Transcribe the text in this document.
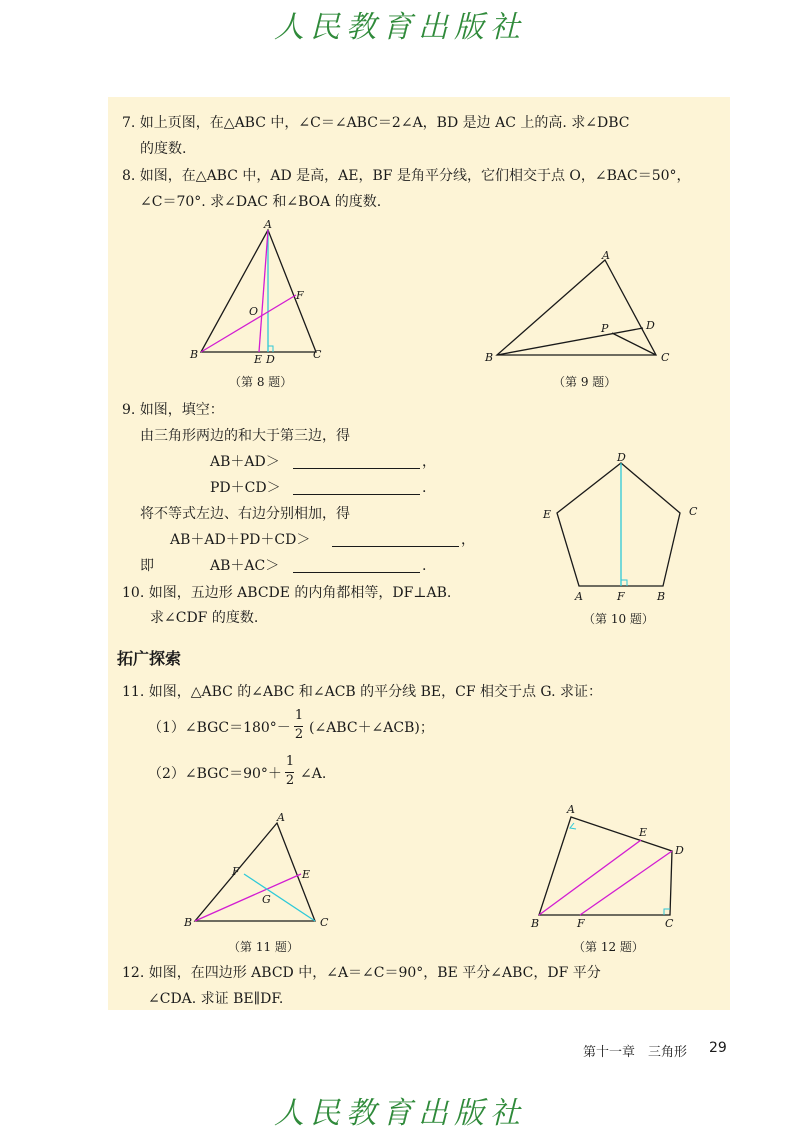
人民教育出版社
7. 如上页图，在△ABC 中，∠C＝∠ABC＝2∠A，BD 是边 AC 上的高. 求∠DBC
的度数.
8. 如图，在△ABC 中，AD 是高，AE，BF 是角平分线，它们相交于点 O，∠BAC＝50°，
∠C＝70°. 求∠DAC 和∠BOA 的度数.
A
B	C
D
E
F
O
（第 8 题）
A
B	C
D
P
（第 9 题）
9. 如图，填空：
由三角形两边的和大于第三边，得
AB＋AD＞	，
PD＋CD＞	.
将不等式左边、右边分别相加，得
AB＋AD＋PD＋CD＞	，
即	AB＋AC＞	.
10. 如图，五边形 ABCDE 的内角都相等，DF⊥AB.
求∠CDF 的度数.
A	B
C
D
E
F
（第 10 题）
拓广探索
11. 如图，△ABC 的∠ABC 和∠ACB 的平分线 BE，CF 相交于点 G. 求证：
（1）∠BGC＝180°－
1
2 (∠ABC＋∠ACB)；
（2）∠BGC＝90°＋
1
2 ∠A.
A
B	C
E
F
G
（第 11 题）
A
B	C
D
E
F
（第 12 题）
12. 如图，在四边形 ABCD 中，∠A＝∠C＝90°，BE 平分∠ABC，DF 平分
∠CDA. 求证 BE∥DF.
第十一章　三角形 29
人民教育出版社
